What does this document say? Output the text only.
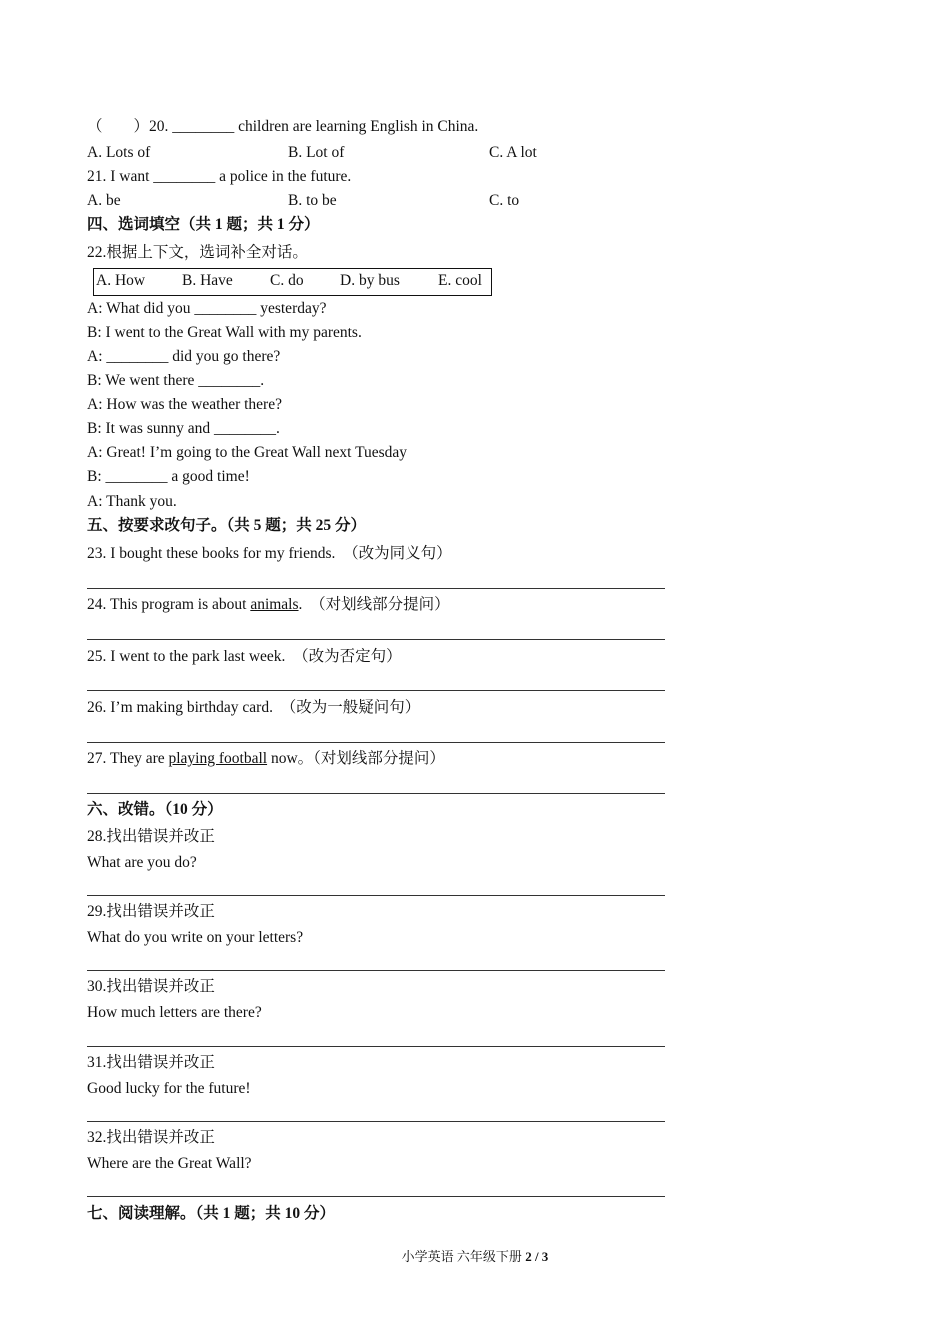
（　　）20. ________ children are learning English in China.
A. Lots of	B. Lot of	C. A lot
21. I want ________ a police in the future.
A. be	B. to be	C. to
四、选词填空（共 1 题；共 1 分）
22.根据上下文，选词补全对话。
A. How B. Have C. do D. by bus E. cool
A: What did you ________ yesterday?
B: I went to the Great Wall with my parents.
A: ________ did you go there?
B: We went there ________.
A: How was the weather there?
B: It was sunny and ________.
A: Great! I’m going to the Great Wall next Tuesday
B: ________ a good time!
A: Thank you.
五、按要求改句子。（共 5 题；共 25 分）
23. I bought these books for my friends.  （改为同义句）
24. This program is about animals.  （对划线部分提问）
25. I went to the park last week.  （改为否定句）
26. I’m making birthday card.  （改为一般疑问句）
27. They are playing football now。（对划线部分提问）
六、改错。（10 分）
28.找出错误并改正
What are you do?
29.找出错误并改正
What do you write on your letters?
30.找出错误并改正
How much letters are there?
31.找出错误并改正
Good lucky for the future!
32.找出错误并改正
Where are the Great Wall?
七、阅读理解。（共 1 题；共 10 分）
小学英语 六年级下册 2 / 3
